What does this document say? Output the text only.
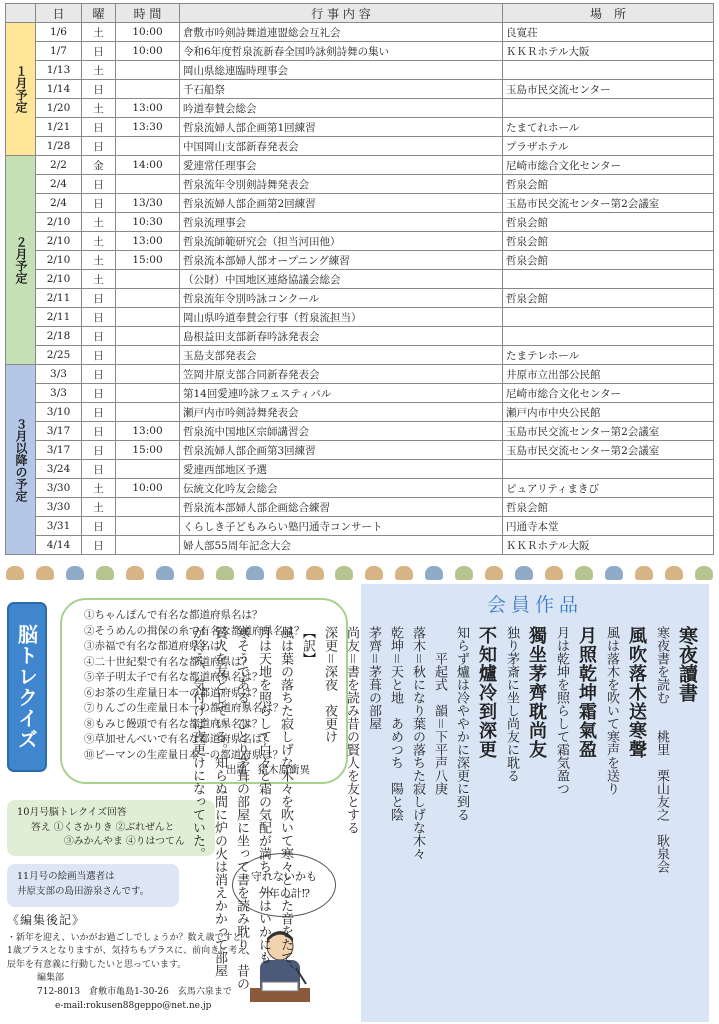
	日	曜	時 間	行 事 内 容	場　所
１月予定	1/6	土	10:00	倉敷市吟剣詩舞道連盟総会互礼会	良寛荘
	1/7	日	10:00	令和6年度哲泉流新春全国吟詠剣詩舞の集い	ＫＫＲホテル大阪
	1/13	土		岡山県総連臨時理事会	
	1/14	日		千石船祭	玉島市民交流センター
	1/20	土	13:00	吟道奉賛会総会	
	1/21	日	13:30	哲泉流婦人部企画第1回練習	たまてれホール
	1/28	日		中国岡山支部新春発表会	プラザホテル
２月予定	2/2	金	14:00	愛連常任理事会	尼崎市総合文化センター
	2/4	日		哲泉流年令別剣詩舞発表会	哲泉会館
	2/4	日	13/30	哲泉流婦人部企画第2回練習	玉島市民交流センター第2会議室
	2/10	土	10:30	哲泉流理事会	哲泉会館
	2/10	土	13:00	哲泉流師範研究会（担当河田他）	哲泉会館
	2/10	土	15:00	哲泉流本部婦人部オープニング練習	哲泉会館
	2/10	土		（公財）中国地区連絡協議会総会	
	2/11	日		哲泉流年令別吟詠コンクール	哲泉会館
	2/11	日		岡山県吟道奉賛会行事（哲泉流担当）	
	2/18	日		島根益田支部新春吟詠発表会	
	2/25	日		玉島支部発表会	たまテレホール
３月以降の予定	3/3	日		笠岡井原支部合同新春発表会	井原市立出部公民館
	3/3	日		第14回愛連吟詠フェスティバル	尼崎市総合文化センター
	3/10	日		瀬戸内市吟剣詩舞発表会	瀬戸内市中央公民館
	3/17	日	13:00	哲泉流中国地区宗師講習会	玉島市民交流センター第2会議室
	3/17	日	15:00	哲泉流婦人部企画第3回練習	玉島市民交流センター第2会議室
	3/24	日		愛連西部地区予選	
	3/30	土	10:00	伝統文化吟友会総会	ピュアリティまきび
	3/30	土		哲泉流本部婦人部企画総合練習	哲泉会館
	3/31	日		くらしき子どもみらい塾円通寺コンサート	円通寺本堂
	4/14	日		婦人部55周年記念大会	ＫＫＲホテル大阪
脳トレクイズ
①ちゃんぽんで有名な都道府県名は？
②そうめんの揖保の糸で有名な都道府県名は？
③赤福で有名な都道府県名は？
④二十世紀梨で有名な都道府県は？
⑤辛子明太子で有名な都道府県名は？
⑥お茶の生産量日本一の都道府県は？
⑦りんごの生産量日本一の都道府県名は？
⑧もみじ饅頭で有名な都道府県名は？
⑨草加せんべいで有名な都道府県名は？
⑩ピーマンの生産量日本一の都道府県は？
出題　猪木原衝異
10月号脳トレクイズ回答
答え ①くさかりき ②ぶれぜんと
③みかんやま ④りはつてん
11月号の絵画当選者は
井原支部の島田游泉さんです。
守れないかも
一年の計⁉
《編集後記》
・新年を迎え、いかがお過ごしでしょうか？数え歳ですと
1歳プラスとなりますが、気持ちもプラスに、前向きに考え
辰年を有意義に行動したいと思っています。
編集部
712-8013　倉敷市亀島1-30-26　玄馬六泉まで
e-mail:rokusen88geppo@net.ne.jp
会員作品
寒夜讀書
寒夜書を読む　　桃里　栗山友之　耿泉会
風吹落木送寒聲
風は落木を吹いて寒声を送り
月照乾坤霜氣盈
月は乾坤を照らして霜気盈つ
獨坐茅齊耽尚友
独り茅斎に坐し尚友に耽る
不知爐冷到深更
知らず爐は冷ややかに深更に到る
　　平起式　韻＝下平声八庚
落木＝秋になり葉の落ちた寂しげな木々
乾坤＝天と地　あめつち　陽と陰
茅齊＝茅葺の部屋
尚友＝書を読み昔の賢人を友とする
深更＝深夜　夜更け
【訳】
風は葉の落ちた寂しげな木々を吹いて寒々とした音をたて、
月は天地を照らして白々と霜の気配が満ち、外はいかにも
寒そうである。ひとり茅葺の部屋に坐って書を読み耽り、昔の
賢人を友としている。知らぬ間に炉の火は消えかかって部屋
が冷え、気付けば夜更けになっていた。
